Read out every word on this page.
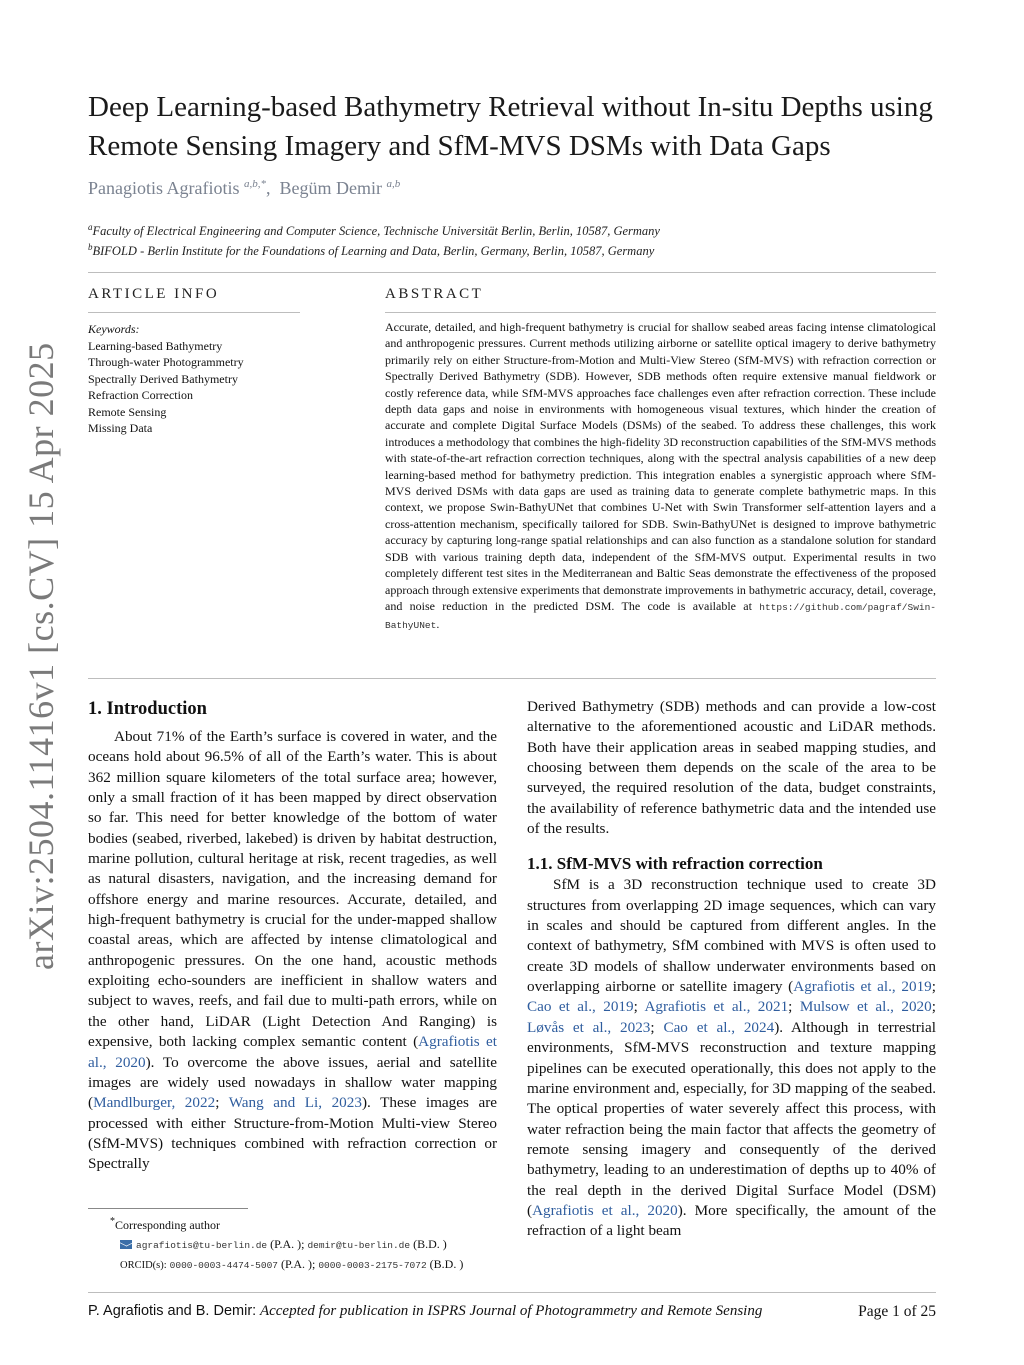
arXiv:2504.11416v1 [cs.CV] 15 Apr 2025
Deep Learning-based Bathymetry Retrieval without In-situ Depths using Remote Sensing Imagery and SfM-MVS DSMs with Data Gaps
Panagiotis Agrafiotis $^{a,b,*}$,  Begüm Demir $^{a,b}$
$^a$Faculty of Electrical Engineering and Computer Science, Technische Universität Berlin, Berlin, 10587, Germany
$^b$BIFOLD - Berlin Institute for the Foundations of Learning and Data, Berlin, Germany, Berlin, 10587, Germany
ARTICLE INFO	ABSTRACT
Keywords:
Learning-based Bathymetry
Through-water Photogrammetry
Spectrally Derived Bathymetry
Refraction Correction
Remote Sensing
Missing Data

Accurate, detailed, and high-frequent bathymetry is crucial for shallow seabed areas facing intense climatological and anthropogenic pressures. Current methods utilizing airborne or satellite optical imagery to derive bathymetry primarily rely on either Structure-from-Motion and Multi-View Stereo (SfM-MVS) with refraction correction or Spectrally Derived Bathymetry (SDB). However, SDB methods often require extensive manual fieldwork or costly reference data, while SfM-MVS approaches face challenges even after refraction correction. These include depth data gaps and noise in environments with homogeneous visual textures, which hinder the creation of accurate and complete Digital Surface Models (DSMs) of the seabed. To address these challenges, this work introduces a methodology that combines the high-fidelity 3D reconstruction capabilities of the SfM-MVS methods with state-of-the-art refraction correction techniques, along with the spectral analysis capabilities of a new deep learning-based method for bathymetry prediction. This integration enables a synergistic approach where SfM-MVS derived DSMs with data gaps are used as training data to generate complete bathymetric maps. In this context, we propose Swin-BathyUNet that combines U-Net with Swin Transformer self-attention layers and a cross-attention mechanism, specifically tailored for SDB. Swin-BathyUNet is designed to improve bathymetric accuracy by capturing long-range spatial relationships and can also function as a standalone solution for standard SDB with various training depth data, independent of the SfM-MVS output. Experimental results in two completely different test sites in the Mediterranean and Baltic Seas demonstrate the effectiveness of the proposed approach through extensive experiments that demonstrate improvements in bathymetric accuracy, detail, coverage, and noise reduction in the predicted DSM. The code is available at https://github.com/pagraf/Swin-BathyUNet.

1. Introduction

About 71% of the Earth’s surface is covered in water, and the oceans hold about 96.5% of all of the Earth’s water. This is about 362 million square kilometers of the total surface area; however, only a small fraction of it has been mapped by direct observation so far. This need for better knowledge of the bottom of water bodies (seabed, riverbed, lakebed) is driven by habitat destruction, marine pollution, cultural heritage at risk, recent tragedies, as well as natural disasters, navigation, and the increasing demand for offshore energy and marine resources. Accurate, detailed, and high-frequent bathymetry is crucial for the under-mapped shallow coastal areas, which are affected by intense climatological and anthropogenic pressures. On the one hand, acoustic methods exploiting echo-sounders are inefficient in shallow waters and subject to waves, reefs, and fail due to multi-path errors, while on the other hand, LiDAR (Light Detection And Ranging) is expensive, both lacking complex semantic content (Agrafiotis et al., 2020). To overcome the above issues, aerial and satellite images are widely used nowadays in shallow water mapping (Mandlburger, 2022; Wang and Li, 2023). These images are processed with either Structure-from-Motion Multi-view Stereo (SfM-MVS) techniques combined with refraction correction or Spectrally

Derived Bathymetry (SDB) methods and can provide a low-cost alternative to the aforementioned acoustic and LiDAR methods. Both have their application areas in seabed mapping studies, and choosing between them depends on the scale of the area to be surveyed, the required resolution of the data, budget constraints, the availability of reference bathymetric data and the intended use of the results.

1.1. SfM-MVS with refraction correction

SfM is a 3D reconstruction technique used to create 3D structures from overlapping 2D image sequences, which can vary in scales and should be captured from different angles. In the context of bathymetry, SfM combined with MVS is often used to create 3D models of shallow underwater environments based on overlapping airborne or satellite imagery (Agrafiotis et al., 2019; Cao et al., 2019; Agrafiotis et al., 2021; Mulsow et al., 2020; Løvås et al., 2023; Cao et al., 2024). Although in terrestrial environments, SfM-MVS reconstruction and texture mapping pipelines can be executed operationally, this does not apply to the marine environment and, especially, for 3D mapping of the seabed. The optical properties of water severely affect this process, with water refraction being the main factor that affects the geometry of remote sensing imagery and consequently of the derived bathymetry, leading to an underestimation of depths up to 40% of the real depth in the derived Digital Surface Model (DSM) (Agrafiotis et al., 2020). More specifically, the amount of the refraction of a light beam

*Corresponding author
agrafiotis@tu-berlin.de (P.A. ); demir@tu-berlin.de (B.D. )
ORCID(s): 0000-0003-4474-5007 (P.A. ); 0000-0003-2175-7072 (B.D. )
P. Agrafiotis and B. Demir: Accepted for publication in ISPRS Journal of Photogrammetry and Remote Sensing	Page 1 of 25
